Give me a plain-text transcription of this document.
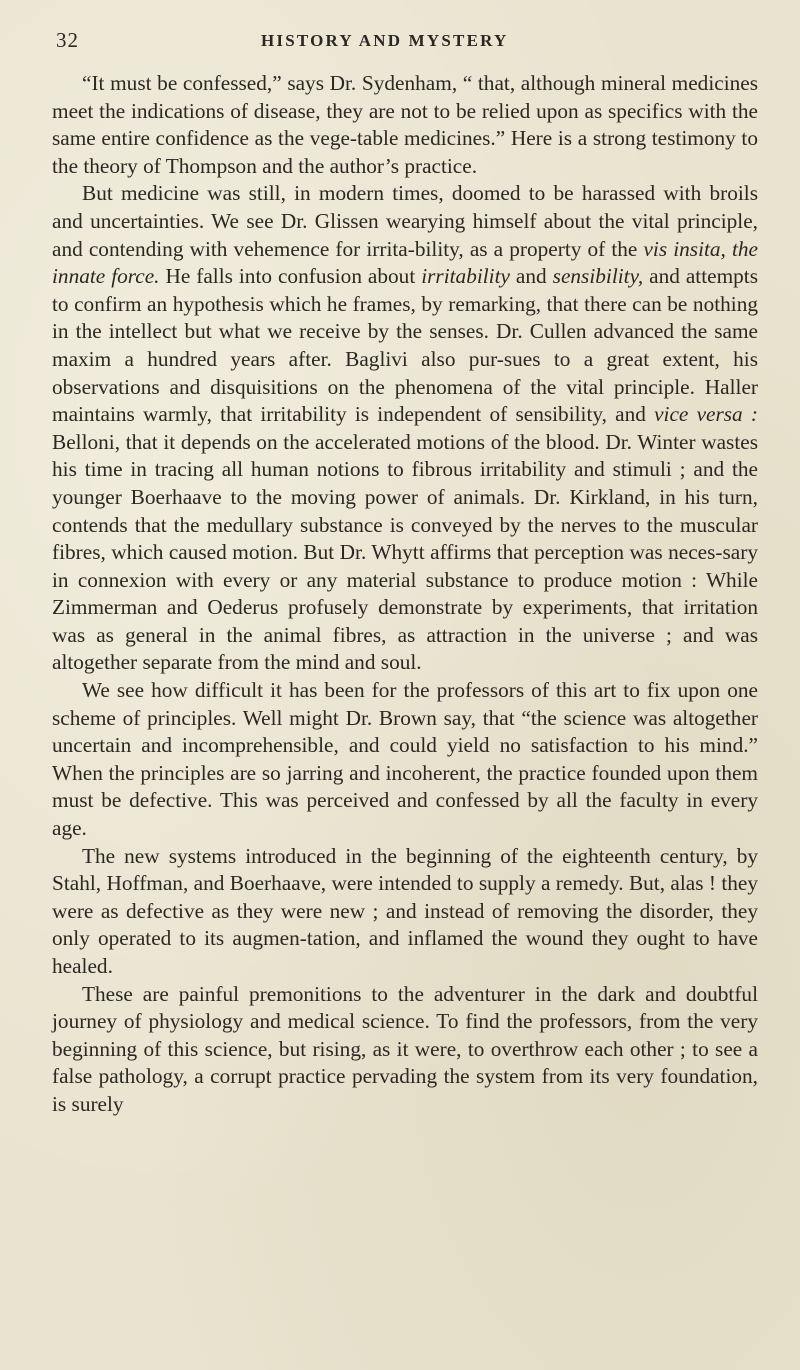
32	HISTORY AND MYSTERY

“It must be confessed,” says Dr. Sydenham, “ that, although mineral medicines meet the indications of disease, they are not to be relied upon as specifics with the same entire confidence as the vege-table medicines.” Here is a strong testimony to the theory of Thompson and the author’s practice.

But medicine was still, in modern times, doomed to be harassed with broils and uncertainties. We see Dr. Glissen wearying himself about the vital principle, and contending with vehemence for irrita-bility, as a property of the vis insita, the innate force. He falls into confusion about irritability and sensibility, and attempts to confirm an hypothesis which he frames, by remarking, that there can be nothing in the intellect but what we receive by the senses. Dr. Cullen advanced the same maxim a hundred years after. Baglivi also pur-sues to a great extent, his observations and disquisitions on the phenomena of the vital principle. Haller maintains warmly, that irritability is independent of sensibility, and vice versa : Belloni, that it depends on the accelerated motions of the blood. Dr. Winter wastes his time in tracing all human notions to fibrous irritability and stimuli ; and the younger Boerhaave to the moving power of animals. Dr. Kirkland, in his turn, contends that the medullary substance is conveyed by the nerves to the muscular fibres, which caused motion. But Dr. Whytt affirms that perception was neces-sary in connexion with every or any material substance to produce motion : While Zimmerman and Oederus profusely demonstrate by experiments, that irritation was as general in the animal fibres, as attraction in the universe ; and was altogether separate from the mind and soul.

We see how difficult it has been for the professors of this art to fix upon one scheme of principles. Well might Dr. Brown say, that “the science was altogether uncertain and incomprehensible, and could yield no satisfaction to his mind.” When the principles are so jarring and incoherent, the practice founded upon them must be defective. This was perceived and confessed by all the faculty in every age.

The new systems introduced in the beginning of the eighteenth century, by Stahl, Hoffman, and Boerhaave, were intended to supply a remedy. But, alas ! they were as defective as they were new ; and instead of removing the disorder, they only operated to its augmen-tation, and inflamed the wound they ought to have healed.

These are painful premonitions to the adventurer in the dark and doubtful journey of physiology and medical science. To find the professors, from the very beginning of this science, but rising, as it were, to overthrow each other ; to see a false pathology, a corrupt practice pervading the system from its very foundation, is surely
